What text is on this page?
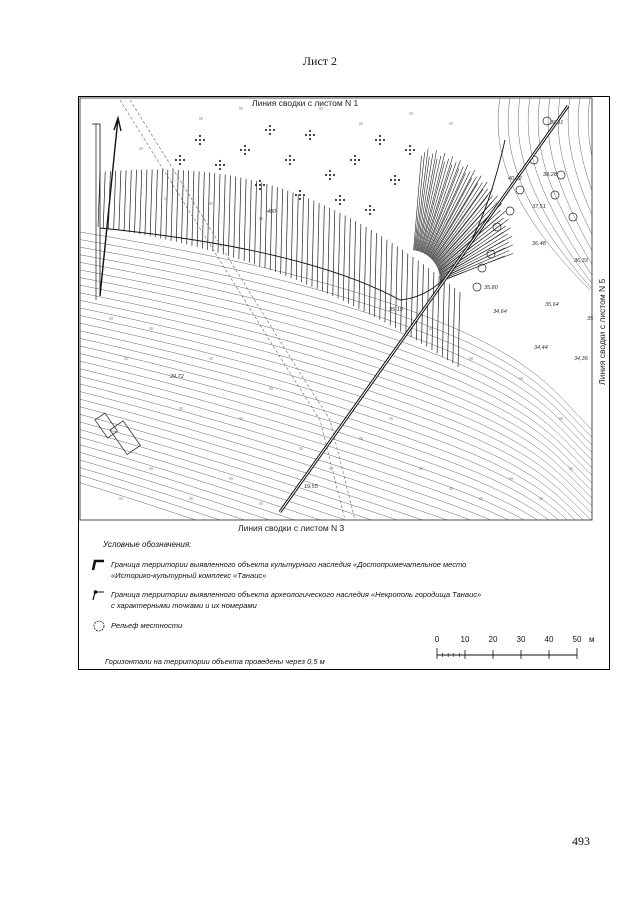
Лист 2
Линия сводки с листом N 1
Линия сводки с листом N 3
Линия сводки с листом N 5
39,11
38,28
40,22
37,51
36,48
36,33
35,80
35,64
34,64
34,44
34,36
35
35,19
29,72
19,55
400
Условные обозначения:
Граница территории выявленного объекта культурного наследия «Достопримечательное место
«Историко-культурный комплекс «Танаис»
Граница территории выявленного объекта археологического наследия «Некрополь городища Танаис»
с характерными точками и их номерами
Рельеф местности
Горизонтали на территории объекта проведены через 0,5 м
0	10 20 30 40 50 м
493
